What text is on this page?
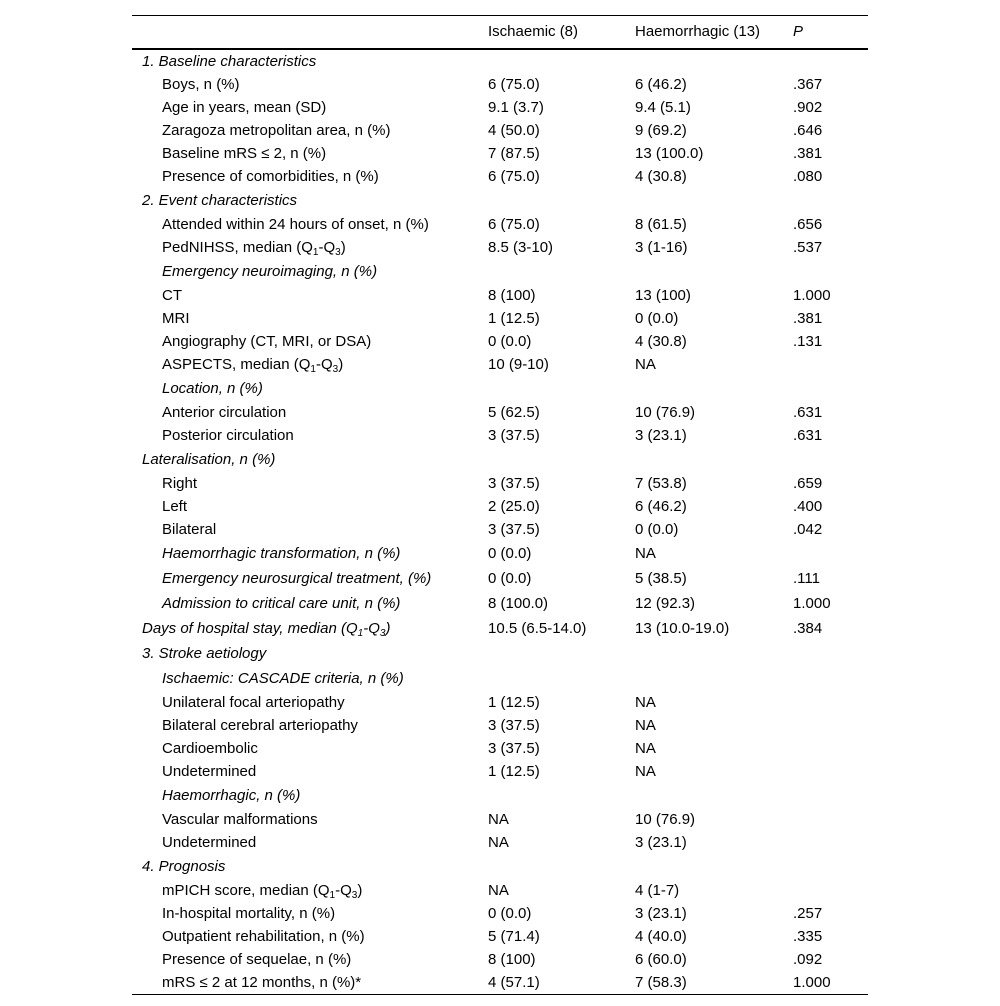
	Ischaemic (8)	Haemorrhagic (13)	P
1. Baseline characteristics			
Boys, n (%)	6 (75.0)	6 (46.2)	.367
Age in years, mean (SD)	9.1 (3.7)	9.4 (5.1)	.902
Zaragoza metropolitan area, n (%)	4 (50.0)	9 (69.2)	.646
Baseline mRS ≤ 2, n (%)	7 (87.5)	13 (100.0)	.381
Presence of comorbidities, n (%)	6 (75.0)	4 (30.8)	.080
2. Event characteristics			
Attended within 24 hours of onset, n (%)	6 (75.0)	8 (61.5)	.656
PedNIHSS, median $(Q_1-Q_3)$	8.5 (3-10)	3 (1-16)	.537
Emergency neuroimaging, n (%)			
CT	8 (100)	13 (100)	1.000
MRI	1 (12.5)	0 (0.0)	.381
Angiography (CT, MRI, or DSA)	0 (0.0)	4 (30.8)	.131
ASPECTS, median $(Q_1-Q_3)$	10 (9-10)	NA	
Location, n (%)			
Anterior circulation	5 (62.5)	10 (76.9)	.631
Posterior circulation	3 (37.5)	3 (23.1)	.631
Lateralisation, n (%)			
Right	3 (37.5)	7 (53.8)	.659
Left	2 (25.0)	6 (46.2)	.400
Bilateral	3 (37.5)	0 (0.0)	.042
Haemorrhagic transformation, n (%)	0 (0.0)	NA	
Emergency neurosurgical treatment, (%)	0 (0.0)	5 (38.5)	.111
Admission to critical care unit, n (%)	8 (100.0)	12 (92.3)	1.000
Days of hospital stay, median $(Q_1-Q_3)$	10.5 (6.5-14.0)	13 (10.0-19.0)	.384
3. Stroke aetiology			
Ischaemic: CASCADE criteria, n (%)			
Unilateral focal arteriopathy	1 (12.5)	NA	
Bilateral cerebral arteriopathy	3 (37.5)	NA	
Cardioembolic	3 (37.5)	NA	
Undetermined	1 (12.5)	NA	
Haemorrhagic, n (%)			
Vascular malformations	NA	10 (76.9)	
Undetermined	NA	3 (23.1)	
4. Prognosis			
mPICH score, median $(Q_1-Q_3)$	NA	4 (1-7)	
In-hospital mortality, n (%)	0 (0.0)	3 (23.1)	.257
Outpatient rehabilitation, n (%)	5 (71.4)	4 (40.0)	.335
Presence of sequelae, n (%)	8 (100)	6 (60.0)	.092
mRS ≤ 2 at 12 months, n (%)*	4 (57.1)	7 (58.3)	1.000
